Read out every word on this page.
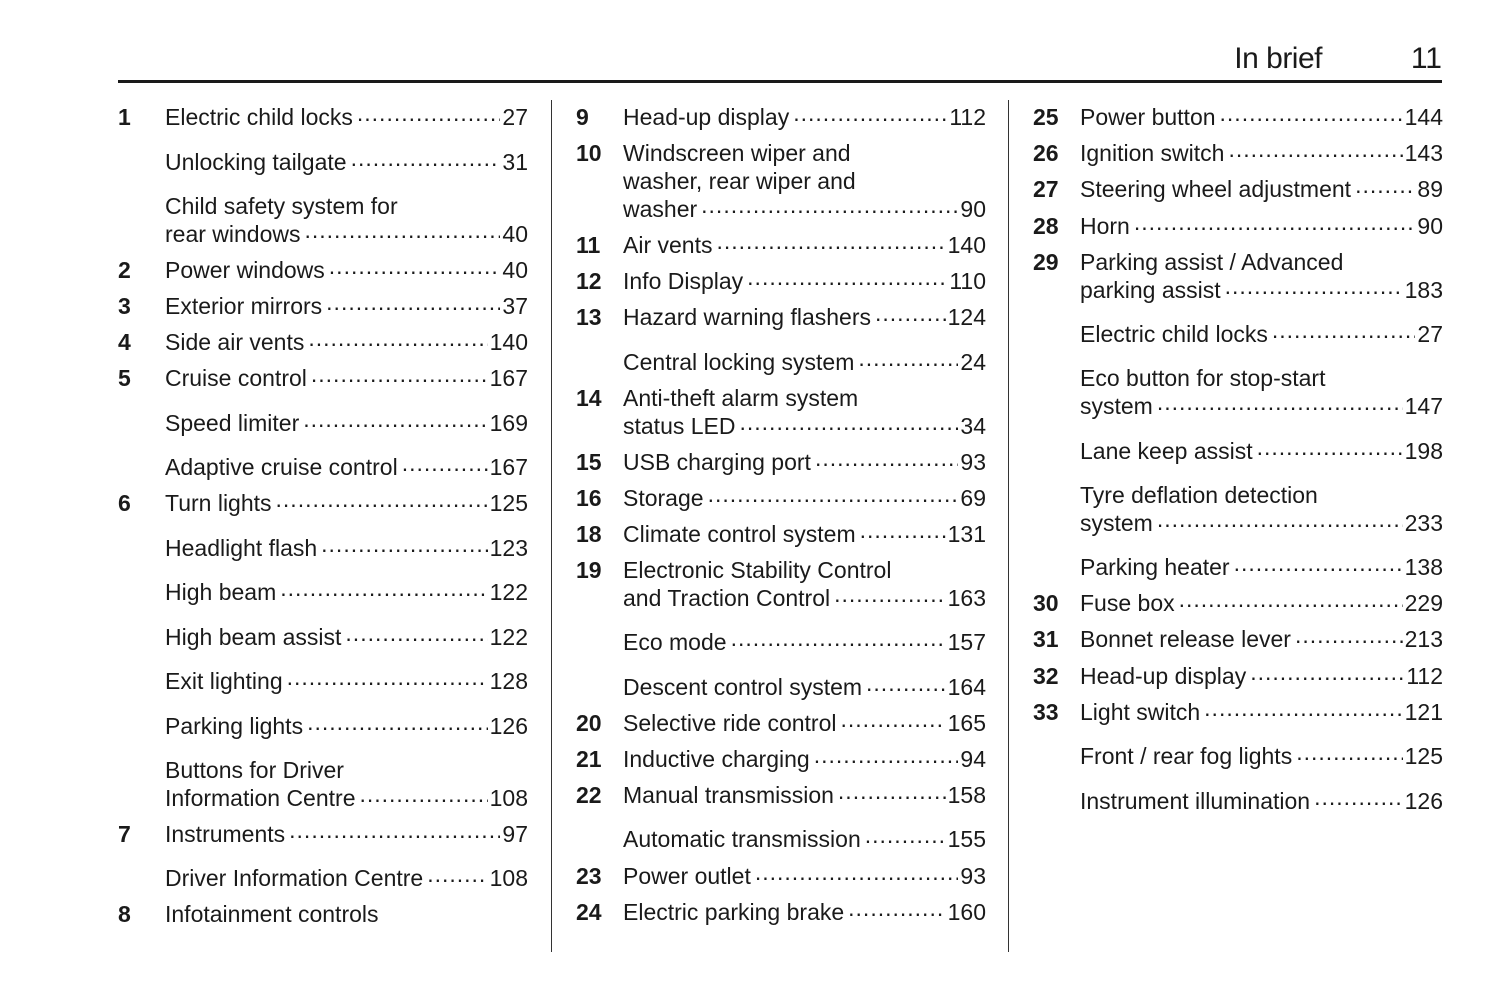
In brief	11
1 Electric child locks .....	27
Unlocking tailgate .....	31
Child safety system for
rear windows .....	40
2 Power windows .....	40
3 Exterior mirrors .....	37
4 Side air vents .....	140
5 Cruise control .....	167
Speed limiter .....	169
Adaptive cruise control .....	167
6 Turn lights .....	125
Headlight flash .....	123
High beam .....	122
High beam assist .....	122
Exit lighting .....	128
Parking lights .....	126
Buttons for Driver
Information Centre .....	108
7 Instruments .....	97
Driver Information Centre .....	108
8 Infotainment controls
9 Head-up display .....	112
10 Windscreen wiper and
washer, rear wiper and
washer .....	90
11 Air vents .....	140
12 Info Display .....	110
13 Hazard warning flashers .....	124
Central locking system .....	24
14 Anti-theft alarm system
status LED .....	34
15 USB charging port .....	93
16 Storage .....	69
18 Climate control system .....	131
19 Electronic Stability Control
and Traction Control .....	163
Eco mode .....	157
Descent control system .....	164
20 Selective ride control .....	165
21 Inductive charging .....	94
22 Manual transmission .....	158
Automatic transmission .....	155
23 Power outlet .....	93
24 Electric parking brake .....	160
25 Power button .....	144
26 Ignition switch .....	143
27 Steering wheel adjustment .....	89
28 Horn .....	90
29 Parking assist / Advanced
parking assist .....	183
Electric child locks .....	27
Eco button for stop-start
system .....	147
Lane keep assist .....	198
Tyre deflation detection
system .....	233
Parking heater .....	138
30 Fuse box .....	229
31 Bonnet release lever .....	213
32 Head-up display .....	112
33 Light switch .....	121
Front / rear fog lights .....	125
Instrument illumination .....	126
